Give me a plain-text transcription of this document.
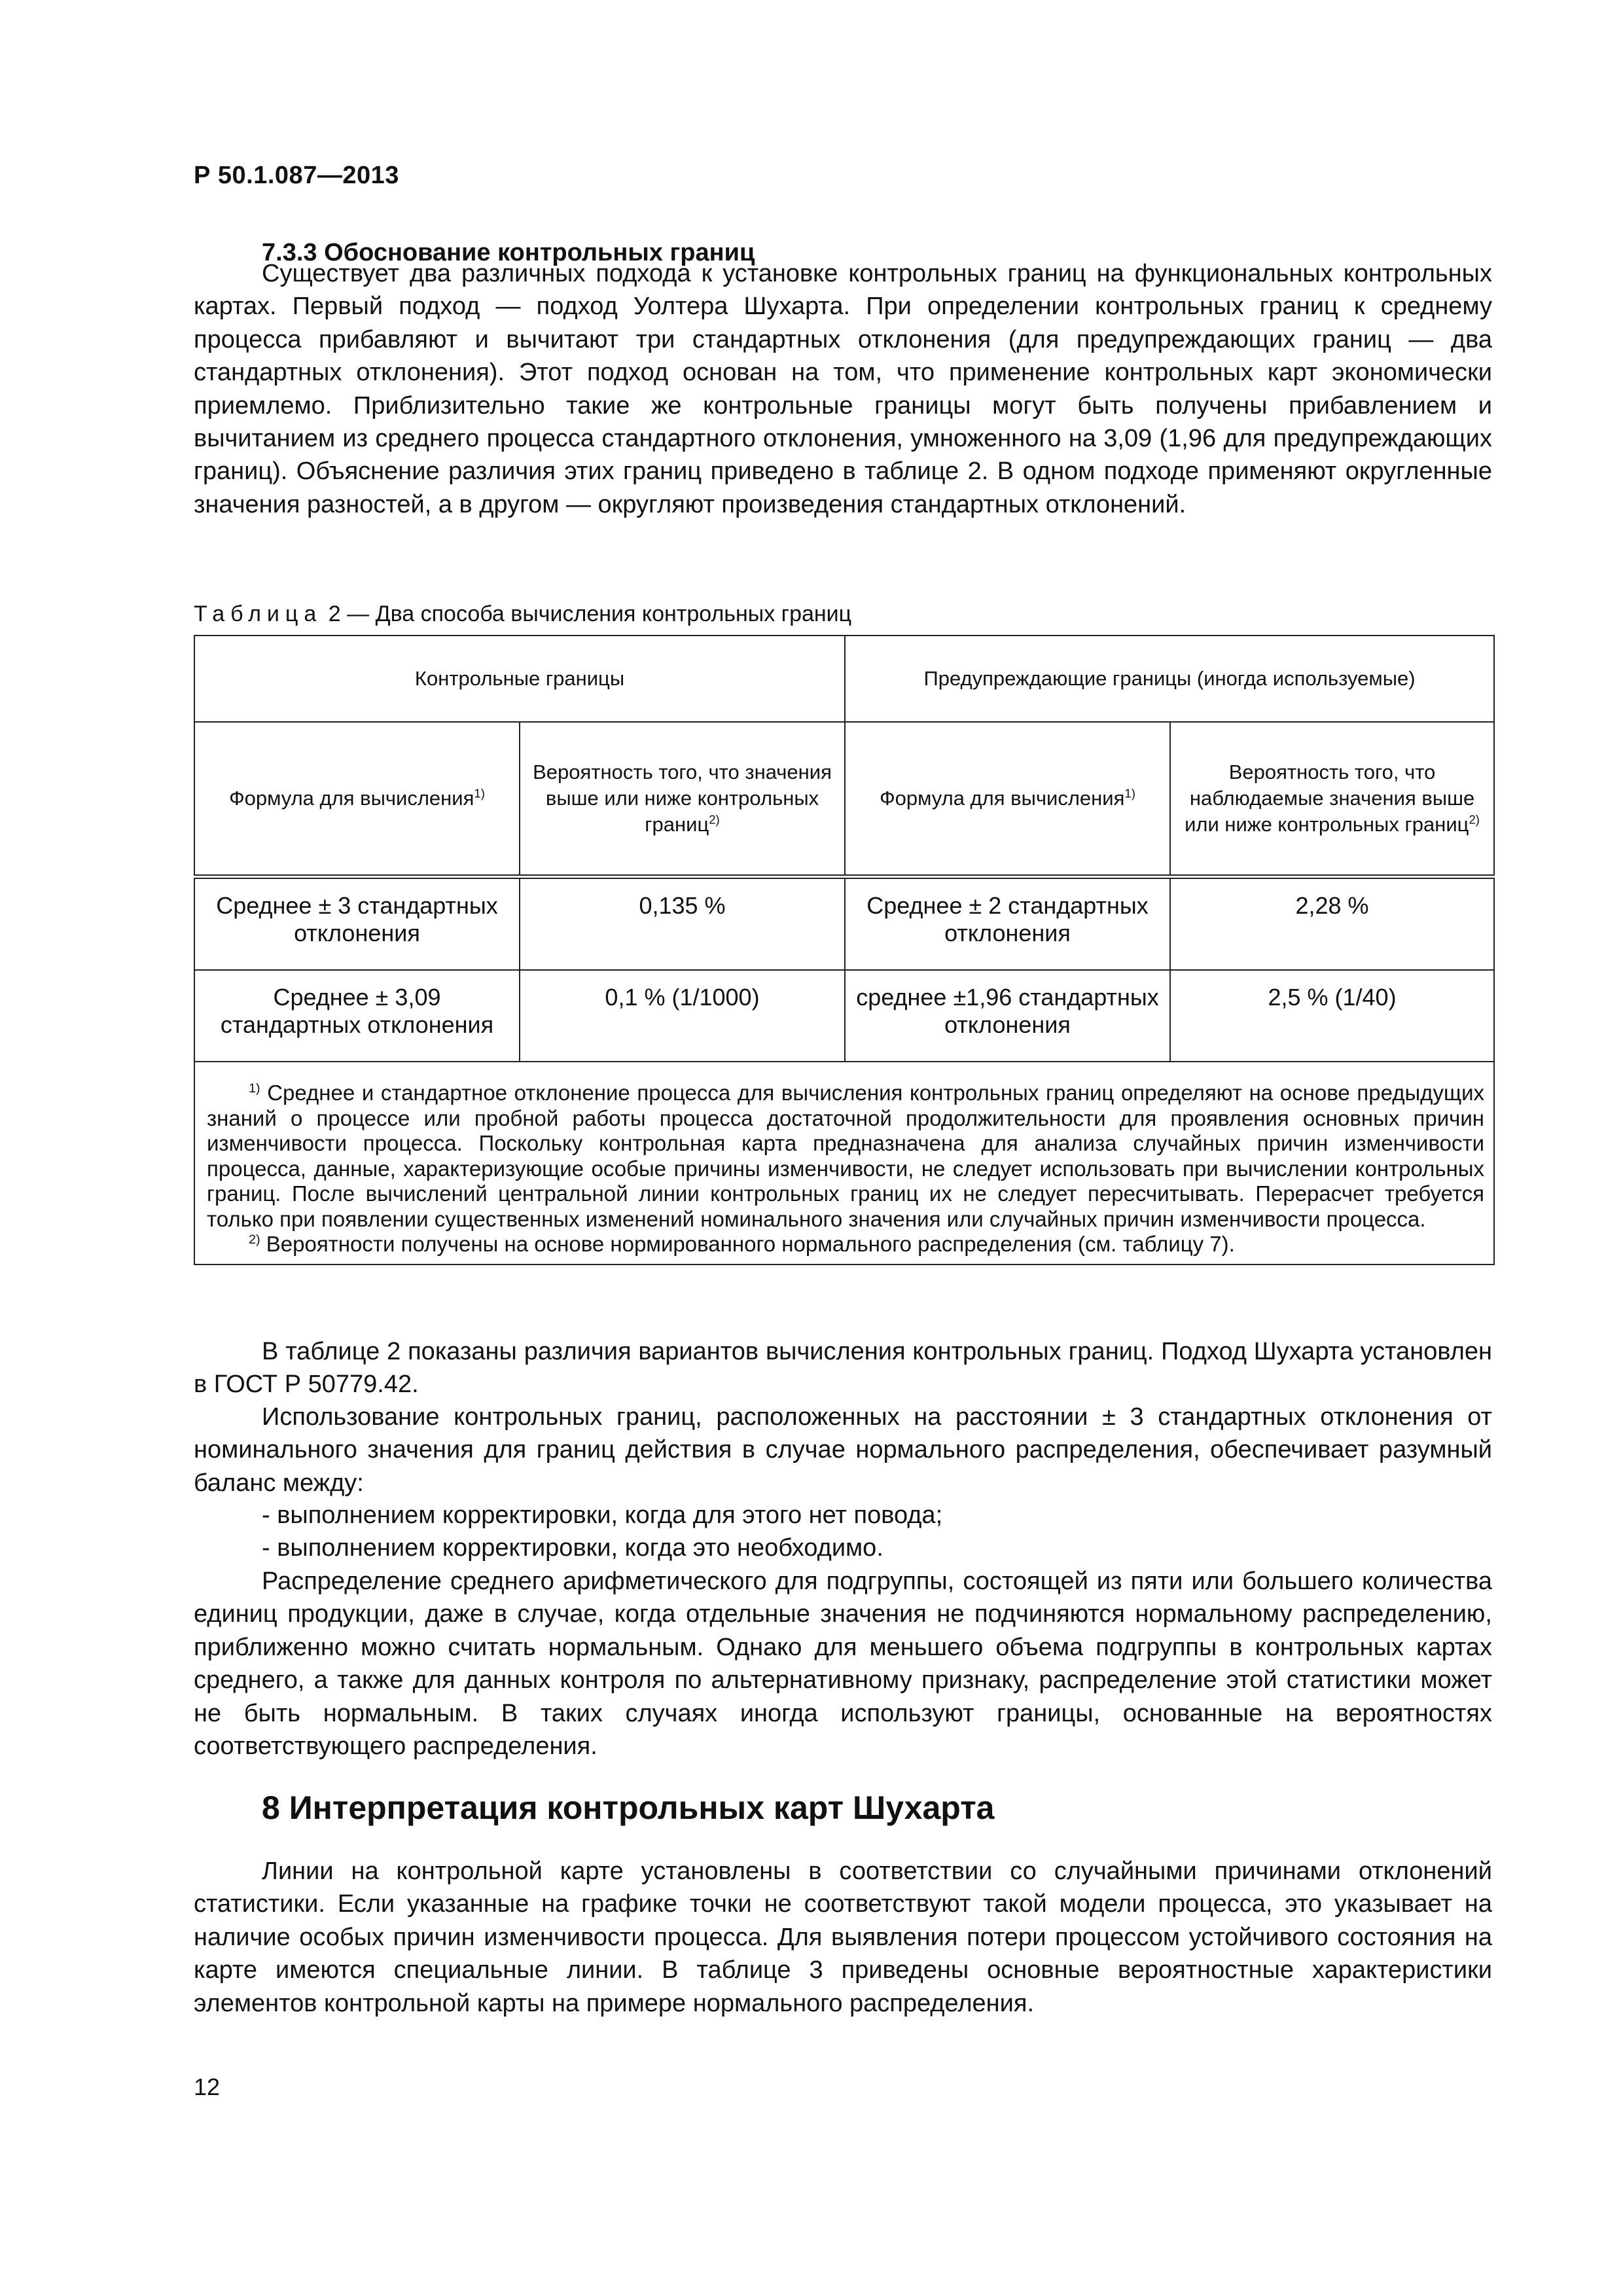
Р 50.1.087—2013
7.3.3 Обоснование контрольных границ

Существует два различных подхода к установке контрольных границ на функциональных контрольных картах. Первый подход — подход Уолтера Шухарта. При определении контрольных границ к среднему процесса прибавляют и вычитают три стандартных отклонения (для предупреждающих границ — два стандартных отклонения). Этот подход основан на том, что применение контрольных карт экономически приемлемо. Приблизительно такие же контрольные границы могут быть получены прибавлением и вычитанием из среднего процесса стандартного отклонения, умноженного на 3,09 (1,96 для предупреждающих границ). Объяснение различия этих границ приведено в таблице 2. В одном подходе применяют округленные значения разностей, а в другом — округляют произведения стандартных отклонений.

Таблица 2 — Два способа вычисления контрольных границ
Контрольные границы		Предупреждающие границы (иногда используемые)	
Формула для вычисления$^{1)}$	Вероятность того, что значения выше или ниже контрольных границ$^{2)}$	Формула для вычисления$^{1)}$	Вероятность того, что наблюдаемые значения выше или ниже контрольных границ$^{2)}$
Среднее ± 3 стандартных отклонения	0,135 %	Среднее ± 2 стандартных отклонения	2,28 %
Среднее ± 3,09 стандартных отклонения	0,1 % (1/1000)	среднее ±1,96 стандартных отклонения	2,5 % (1/40)

$^{1)}$ Среднее и стандартное отклонение процесса для вычисления контрольных границ определяют на основе предыдущих знаний о процессе или пробной работы процесса достаточной продолжительности для проявления основных причин изменчивости процесса. Поскольку контрольная карта предназначена для анализа случайных причин изменчивости процесса, данные, характеризующие особые причины изменчивости, не следует использовать при вычислении контрольных границ. После вычислений центральной линии контрольных границ их не следует пересчитывать. Перерасчет требуется только при появлении существенных изменений номинального значения или случайных причин изменчивости процесса.
$^{2)}$ Вероятности получены на основе нормированного нормального распределения (см. таблицу 7).			

В таблице 2 показаны различия вариантов вычисления контрольных границ. Подход Шухарта установлен в ГОСТ Р 50779.42.

Использование контрольных границ, расположенных на расстоянии ± 3 стандартных отклонения от номинального значения для границ действия в случае нормального распределения, обеспечивает разумный баланс между:

- выполнением корректировки, когда для этого нет повода;
- выполнением корректировки, когда это необходимо.

Распределение среднего арифметического для подгруппы, состоящей из пяти или большего количества единиц продукции, даже в случае, когда отдельные значения не подчиняются нормальному распределению, приближенно можно считать нормальным. Однако для меньшего объема подгруппы в контрольных картах среднего, а также для данных контроля по альтернативному признаку, распределение этой статистики может не быть нормальным. В таких случаях иногда используют границы, основанные на вероятностях соответствующего распределения.

8 Интерпретация контрольных карт Шухарта

Линии на контрольной карте установлены в соответствии со случайными причинами отклонений статистики. Если указанные на графике точки не соответствуют такой модели процесса, это указывает на наличие особых причин изменчивости процесса. Для выявления потери процессом устойчивого состояния на карте имеются специальные линии. В таблице 3 приведены основные вероятностные характеристики элементов контрольной карты на примере нормального распределения.

12
